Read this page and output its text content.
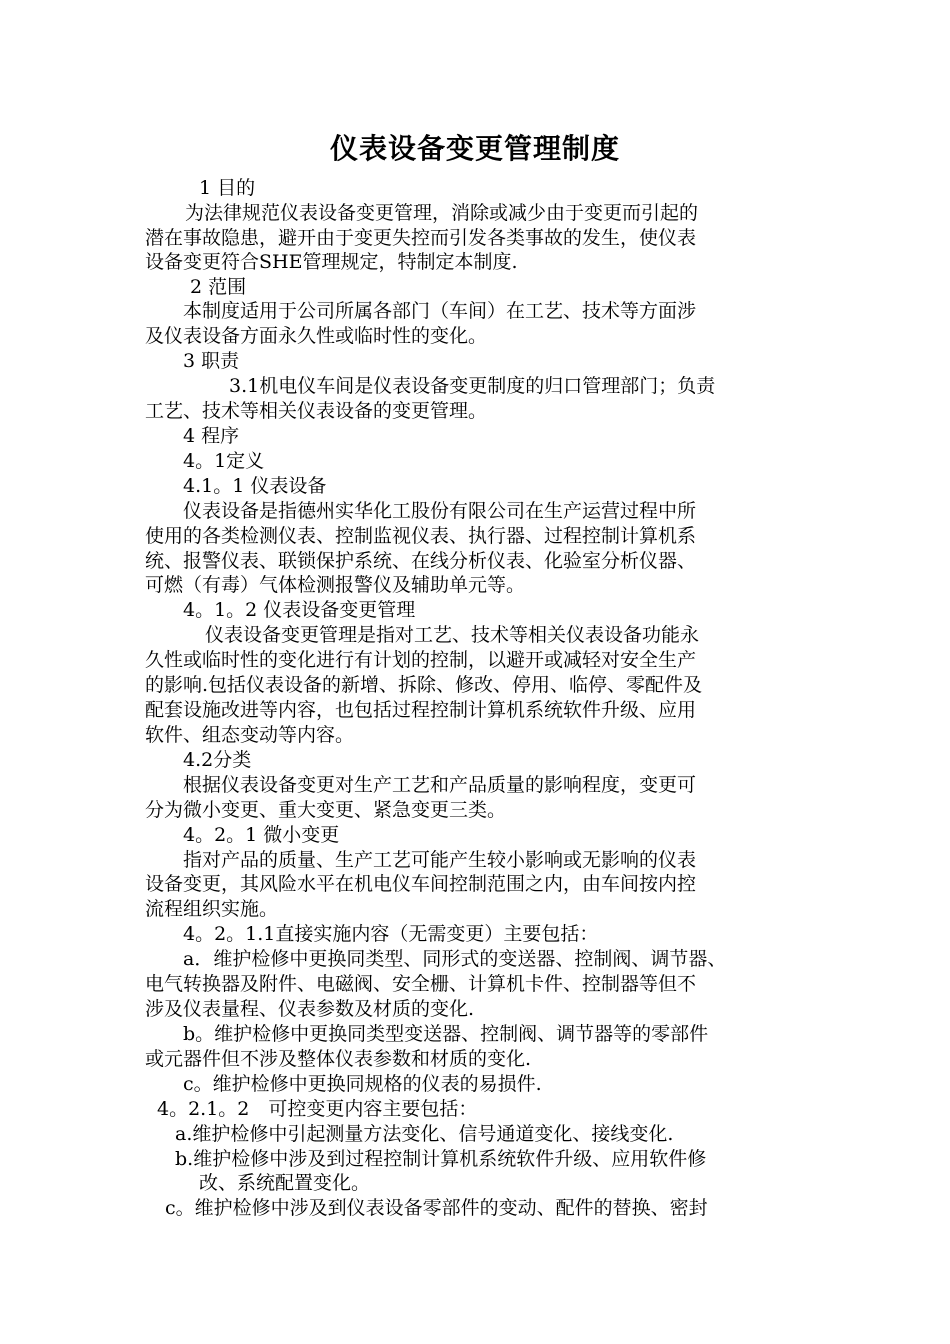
仪表设备变更管理制度
1 目的
为法律规范仪表设备变更管理，消除或减少由于变更而引起的
潜在事故隐患，避开由于变更失控而引发各类事故的发生，使仪表
设备变更符合SHE管理规定，特制定本制度.
2 范围
本制度适用于公司所属各部门（车间）在工艺、技术等方面涉
及仪表设备方面永久性或临时性的变化。
3 职责
3.1机电仪车间是仪表设备变更制度的归口管理部门；负责
工艺、技术等相关仪表设备的变更管理。
4 程序
4。1定义
4.1。1 仪表设备
仪表设备是指德州实华化工股份有限公司在生产运营过程中所
使用的各类检测仪表、控制监视仪表、执行器、过程控制计算机系
统、报警仪表、联锁保护系统、在线分析仪表、化验室分析仪器、
可燃（有毒）气体检测报警仪及辅助单元等。
4。1。2 仪表设备变更管理
仪表设备变更管理是指对工艺、技术等相关仪表设备功能永
久性或临时性的变化进行有计划的控制，以避开或减轻对安全生产
的影响.包括仪表设备的新增、拆除、修改、停用、临停、零配件及
配套设施改进等内容，也包括过程控制计算机系统软件升级、应用
软件、组态变动等内容。
4.2分类
根据仪表设备变更对生产工艺和产品质量的影响程度，变更可
分为微小变更、重大变更、紧急变更三类。
4。2。1 微小变更
指对产品的质量、生产工艺可能产生较小影响或无影响的仪表
设备变更，其风险水平在机电仪车间控制范围之内，由车间按内控
流程组织实施。
4。2。1.1直接实施内容（无需变更）主要包括：
a．维护检修中更换同类型、同形式的变送器、控制阀、调节器、
电气转换器及附件、电磁阀、安全栅、计算机卡件、控制器等但不
涉及仪表量程、仪表参数及材质的变化.
b。维护检修中更换同类型变送器、控制阀、调节器等的零部件
或元器件但不涉及整体仪表参数和材质的变化.
c。维护检修中更换同规格的仪表的易损件.
4。2.1。2　可控变更内容主要包括：
a.维护检修中引起测量方法变化、信号通道变化、接线变化.
b.维护检修中涉及到过程控制计算机系统软件升级、应用软件修
改、系统配置变化。
c。维护检修中涉及到仪表设备零部件的变动、配件的替换、密封
